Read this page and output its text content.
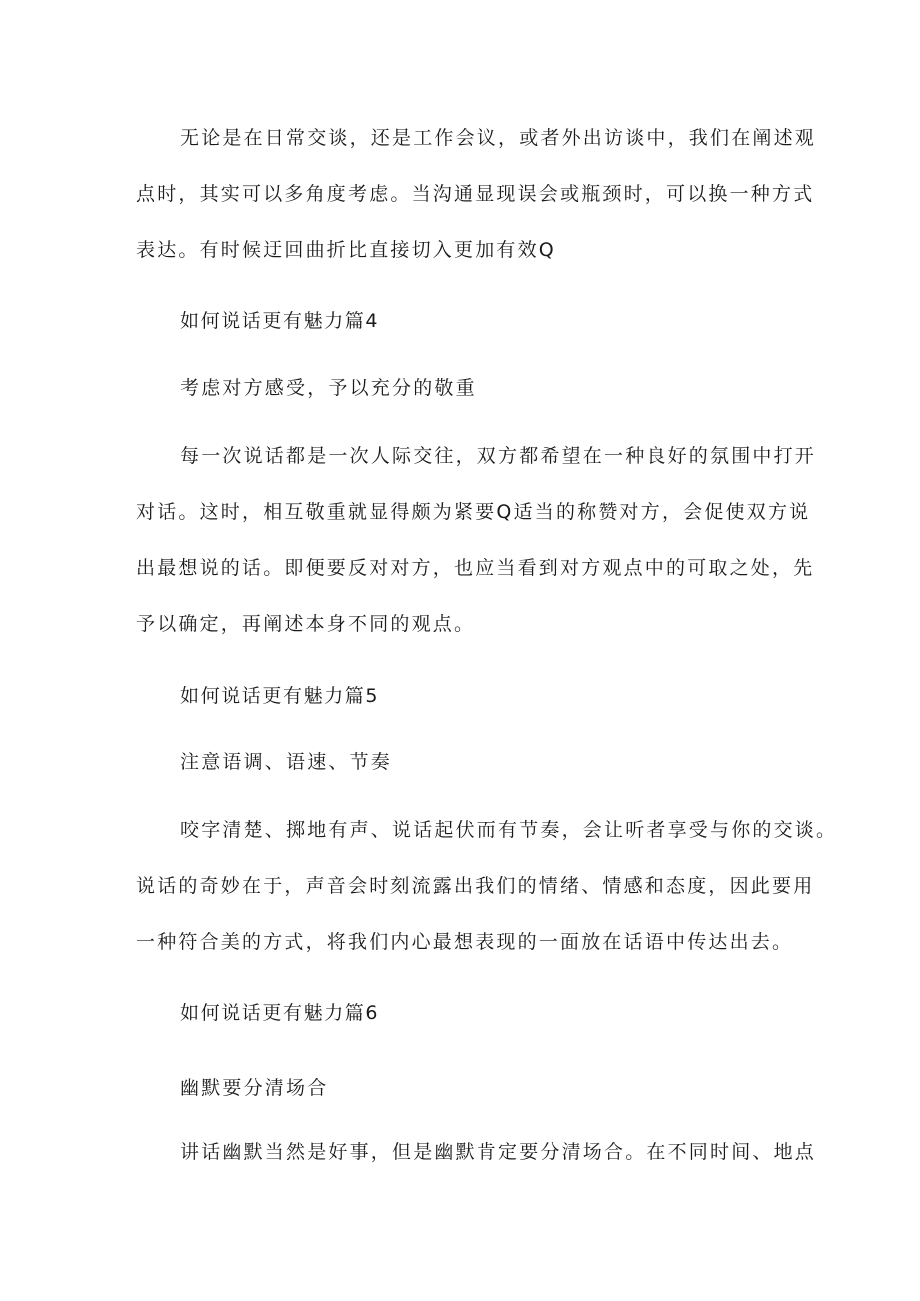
无论是在日常交谈，还是工作会议，或者外出访谈中，我们在阐述观
点时，其实可以多角度考虑。当沟通显现误会或瓶颈时，可以换一种方式
表达。有时候迂回曲折比直接切入更加有效Q
如何说话更有魅力篇4
考虑对方感受，予以充分的敬重
每一次说话都是一次人际交往，双方都希望在一种良好的氛围中打开
对话。这时，相互敬重就显得颇为紧要Q适当的称赞对方，会促使双方说
出最想说的话。即便要反对对方，也应当看到对方观点中的可取之处，先
予以确定，再阐述本身不同的观点。
如何说话更有魅力篇5
注意语调、语速、节奏
咬字清楚、掷地有声、说话起伏而有节奏，会让听者享受与你的交谈。
说话的奇妙在于，声音会时刻流露出我们的情绪、情感和态度，因此要用
一种符合美的方式，将我们内心最想表现的一面放在话语中传达出去。
如何说话更有魅力篇6
幽默要分清场合
讲话幽默当然是好事，但是幽默肯定要分清场合。在不同时间、地点
